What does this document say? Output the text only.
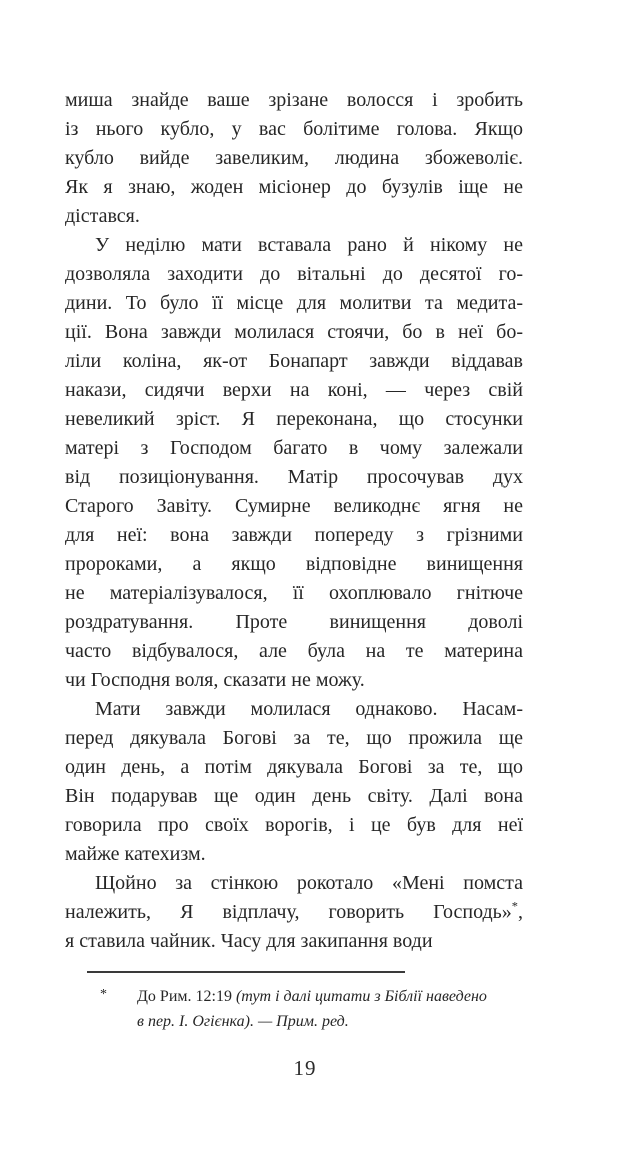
миша знайде ваше зрізане волосся і зробить
із нього кубло, у вас болітиме голова. Якщо
кубло вийде завеликим, людина збожеволіє.
Як я знаю, жоден місіонер до бузулів іще не
дістався.
У неділю мати вставала рано й нікому не
дозволяла заходити до вітальні до десятої го-
дини. То було її місце для молитви та медита-
ції. Вона завжди молилася стоячи, бо в неї бо-
ліли коліна, як-от Бонапарт завжди віддавав
накази, сидячи верхи на коні, — через свій
невеликий зріст. Я переконана, що стосунки
матері з Господом багато в чому залежали
від позиціонування. Матір просочував дух
Старого Завіту. Сумирне великоднє ягня не
для неї: вона завжди попереду з грізними
пророками, а якщо відповідне винищення
не матеріалізувалося, її охоплювало гнітюче
роздратування. Проте винищення доволі
часто відбувалося, але була на те материна
чи Господня воля, сказати не можу.
Мати завжди молилася однаково. Насам-
перед дякувала Богові за те, що прожила ще
один день, а потім дякувала Богові за те, що
Він подарував ще один день світу. Далі вона
говорила про своїх ворогів, і це був для неї
майже катехизм.
Щойно за стінкою рокотало «Мені помста
належить, Я відплачу, говорить Господь»*,
я ставила чайник. Часу для закипання води
* До Рим. 12:19 (тут і далі цитати з Біблії наведено
в пер. І. Огієнка). — Прим. ред.
19
